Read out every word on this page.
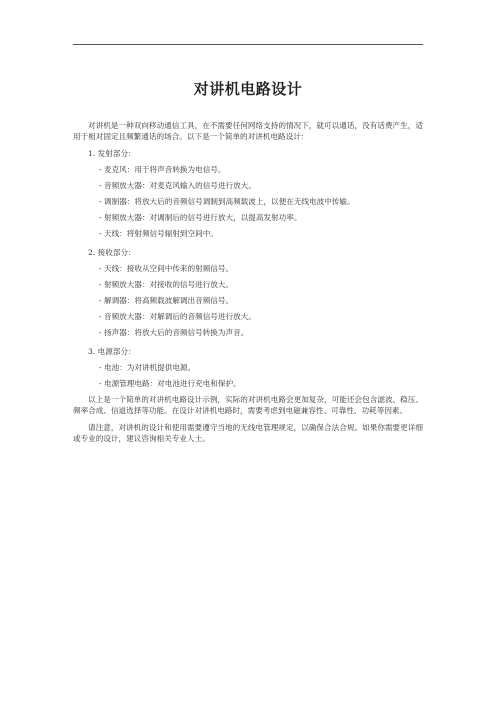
对讲机电路设计

对讲机是一种双向移动通信工具，在不需要任何网络支持的情况下，就可以通话，没有话费产生，适用于相对固定且频繁通话的场合。以下是一个简单的对讲机电路设计：

1. 发射部分：

- 麦克风：用于将声音转换为电信号。

- 音频放大器：对麦克风输入的信号进行放大。

- 调制器：将放大后的音频信号调制到高频载波上，以便在无线电波中传输。

- 射频放大器：对调制后的信号进行放大，以提高发射功率。

- 天线：将射频信号辐射到空间中。

2. 接收部分：

- 天线：接收从空间中传来的射频信号。

- 射频放大器：对接收的信号进行放大。

- 解调器：将高频载波解调出音频信号。

- 音频放大器：对解调后的音频信号进行放大。

- 扬声器：将放大后的音频信号转换为声音。

3. 电源部分：

- 电池：为对讲机提供电源。

- 电源管理电路：对电池进行充电和保护。

以上是一个简单的对讲机电路设计示例，实际的对讲机电路会更加复杂，可能还会包含滤波、稳压、频率合成、信道选择等功能。在设计对讲机电路时，需要考虑到电磁兼容性、可靠性、功耗等因素。

请注意，对讲机的设计和使用需要遵守当地的无线电管理规定，以确保合法合规。如果你需要更详细或专业的设计，建议咨询相关专业人士。
